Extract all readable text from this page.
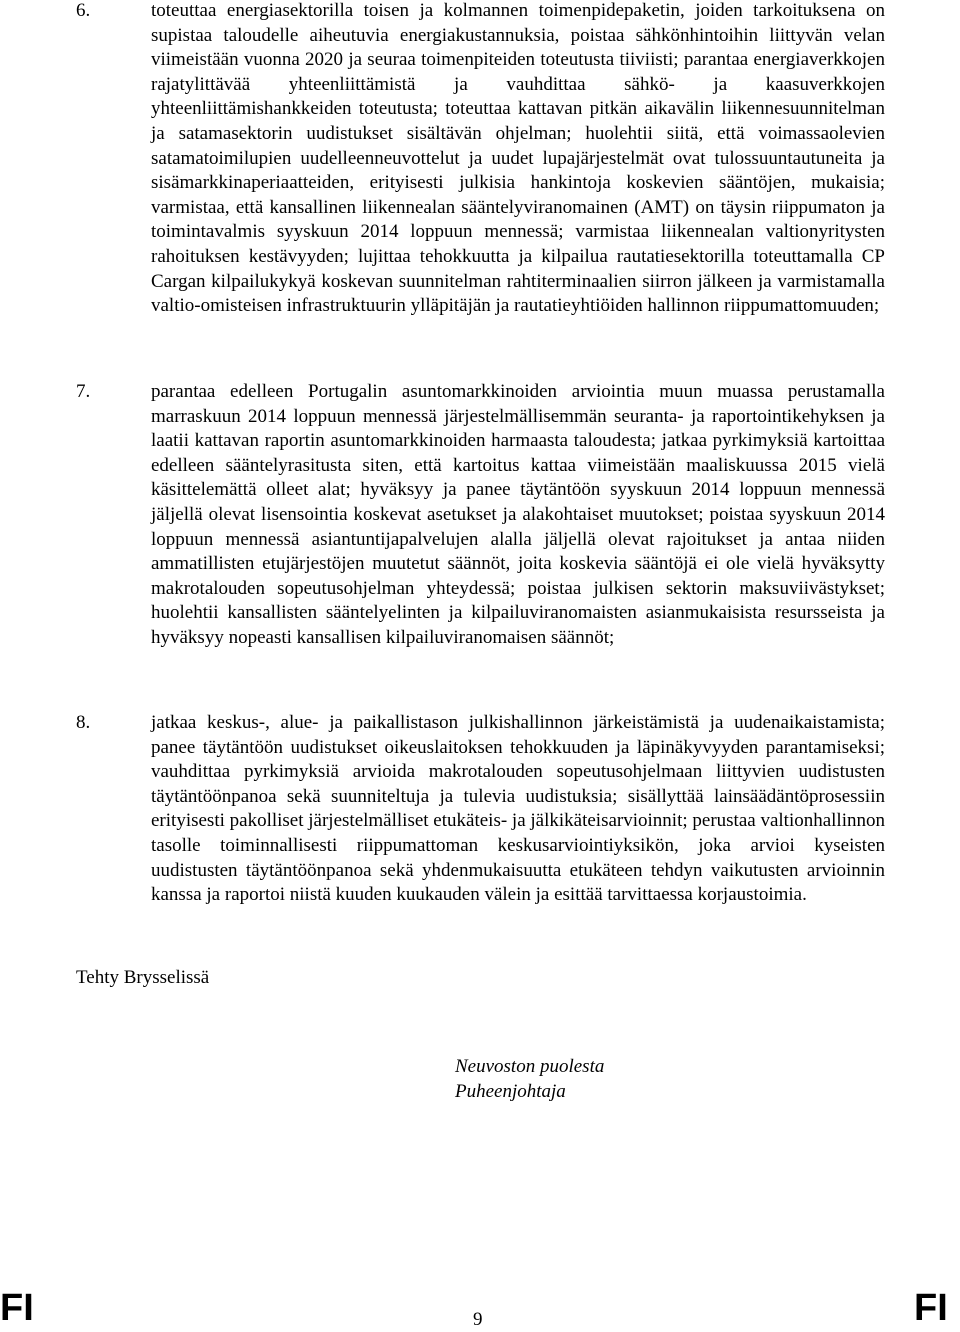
6.	toteuttaa energiasektorilla toisen ja kolmannen toimenpidepaketin, joiden tarkoituksena on supistaa taloudelle aiheutuvia energiakustannuksia, poistaa sähkönhintoihin liittyvän velan viimeistään vuonna 2020 ja seuraa toimenpiteiden toteutusta tiiviisti; parantaa energiaverkkojen rajatylittävää yhteenliittämistä ja vauhdittaa sähkö- ja kaasuverkkojen yhteenliittämishankkeiden toteutusta; toteuttaa kattavan pitkän aikavälin liikennesuunnitelman ja satamasektorin uudistukset sisältävän ohjelman; huolehtii siitä, että voimassaolevien satamatoimilupien uudelleenneuvottelut ja uudet lupajärjestelmät ovat tulossuuntautuneita ja sisämarkkinaperiaatteiden, erityisesti julkisia hankintoja koskevien sääntöjen, mukaisia; varmistaa, että kansallinen liikennealan sääntelyviranomainen (AMT) on täysin riippumaton ja toimintavalmis syyskuun 2014 loppuun mennessä; varmistaa liikennealan valtionyritysten rahoituksen kestävyyden; lujittaa tehokkuutta ja kilpailua rautatiesektorilla toteuttamalla CP Cargan kilpailukykyä koskevan suunnitelman rahtiterminaalien siirron jälkeen ja varmistamalla valtio-omisteisen infrastruktuurin ylläpitäjän ja rautatieyhtiöiden hallinnon riippumattomuuden;
7.	parantaa edelleen Portugalin asuntomarkkinoiden arviointia muun muassa perustamalla marraskuun 2014 loppuun mennessä järjestelmällisemmän seuranta- ja raportointikehyksen ja laatii kattavan raportin asuntomarkkinoiden harmaasta taloudesta; jatkaa pyrkimyksiä kartoittaa edelleen sääntelyrasitusta siten, että kartoitus kattaa viimeistään maaliskuussa 2015 vielä käsittelemättä olleet alat; hyväksyy ja panee täytäntöön syyskuun 2014 loppuun mennessä jäljellä olevat lisensointia koskevat asetukset ja alakohtaiset muutokset; poistaa syyskuun 2014 loppuun mennessä asiantuntijapalvelujen alalla jäljellä olevat rajoitukset ja antaa niiden ammatillisten etujärjestöjen muutetut säännöt, joita koskevia sääntöjä ei ole vielä hyväksytty makrotalouden sopeutusohjelman yhteydessä; poistaa julkisen sektorin maksuviivästykset; huolehtii kansallisten sääntelyelinten ja kilpailuviranomaisten asianmukaisista resursseista ja hyväksyy nopeasti kansallisen kilpailuviranomaisen säännöt;
8.	jatkaa keskus-, alue- ja paikallistason julkishallinnon järkeistämistä ja uudenaikaistamista; panee täytäntöön uudistukset oikeuslaitoksen tehokkuuden ja läpinäkyvyyden parantamiseksi; vauhdittaa pyrkimyksiä arvioida makrotalouden sopeutusohjelmaan liittyvien uudistusten täytäntöönpanoa sekä suunniteltuja ja tulevia uudistuksia; sisällyttää lainsäädäntöprosessiin erityisesti pakolliset järjestelmälliset etukäteis- ja jälkikäteisarvioinnit; perustaa valtionhallinnon tasolle toiminnallisesti riippumattoman keskusarviointiyksikön, joka arvioi kyseisten uudistusten täytäntöönpanoa sekä yhdenmukaisuutta etukäteen tehdyn vaikutusten arvioinnin kanssa ja raportoi niistä kuuden kuukauden välein ja esittää tarvittaessa korjaustoimia.
Tehty Brysselissä
Neuvoston puolesta
Puheenjohtaja
FI	9	FI
